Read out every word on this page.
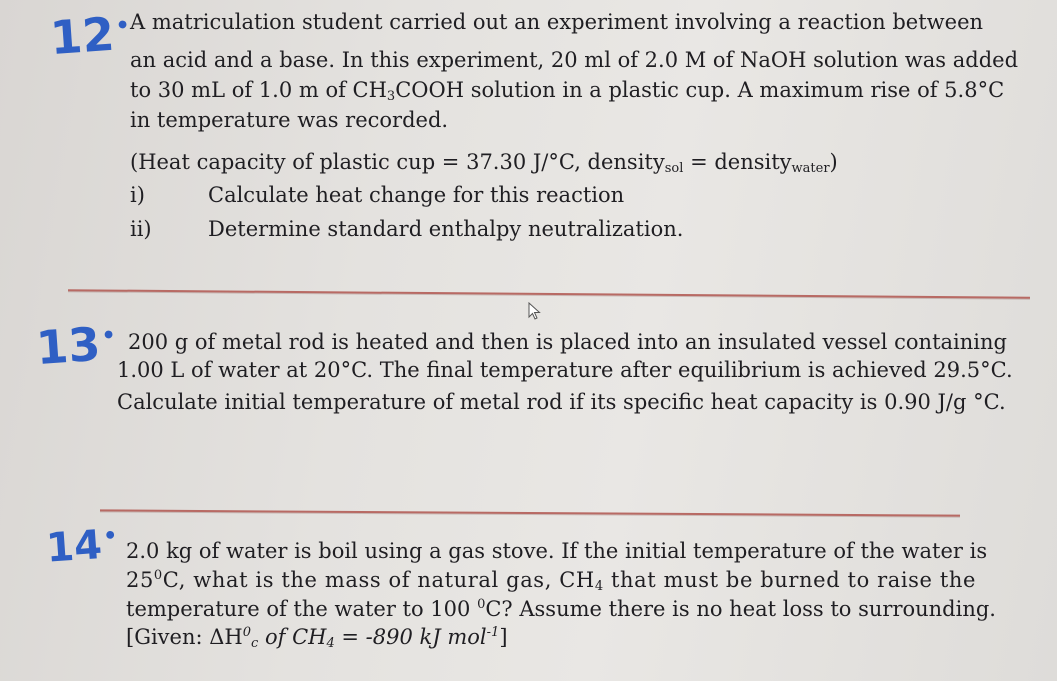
12• A matriculation student carried out an experiment involving a reaction between
an acid and a base. In this experiment, 20 ml of 2.0 M of NaOH solution was added
to 30 mL of 1.0 m of $CH_3COOH$ solution in a plastic cup. A maximum rise of 5.8°C
in temperature was recorded.
(Heat capacity of plastic cup = 37.30 J/°C, density$_{sol}$ = density$_{water}$)
i)	Calculate heat change for this reaction
ii)	Determine standard enthalpy neutralization.
13• 200 g of metal rod is heated and then is placed into an insulated vessel containing
1.00 L of water at 20°C. The final temperature after equilibrium is achieved 29.5°C.
Calculate initial temperature of metal rod if its specific heat capacity is 0.90 J/g °C.
14•
2.0 kg of water is boil using a gas stove. If the initial temperature of the water is
$25^0C$, what is the mass of natural gas, $CH_4$ that must be burned to raise the
temperature of the water to 100 $^0$C? Assume there is no heat loss to surrounding.
[Given: $\Delta H^0_c$ of $CH_4 = -890$ kJ mol$^{-1}$]
